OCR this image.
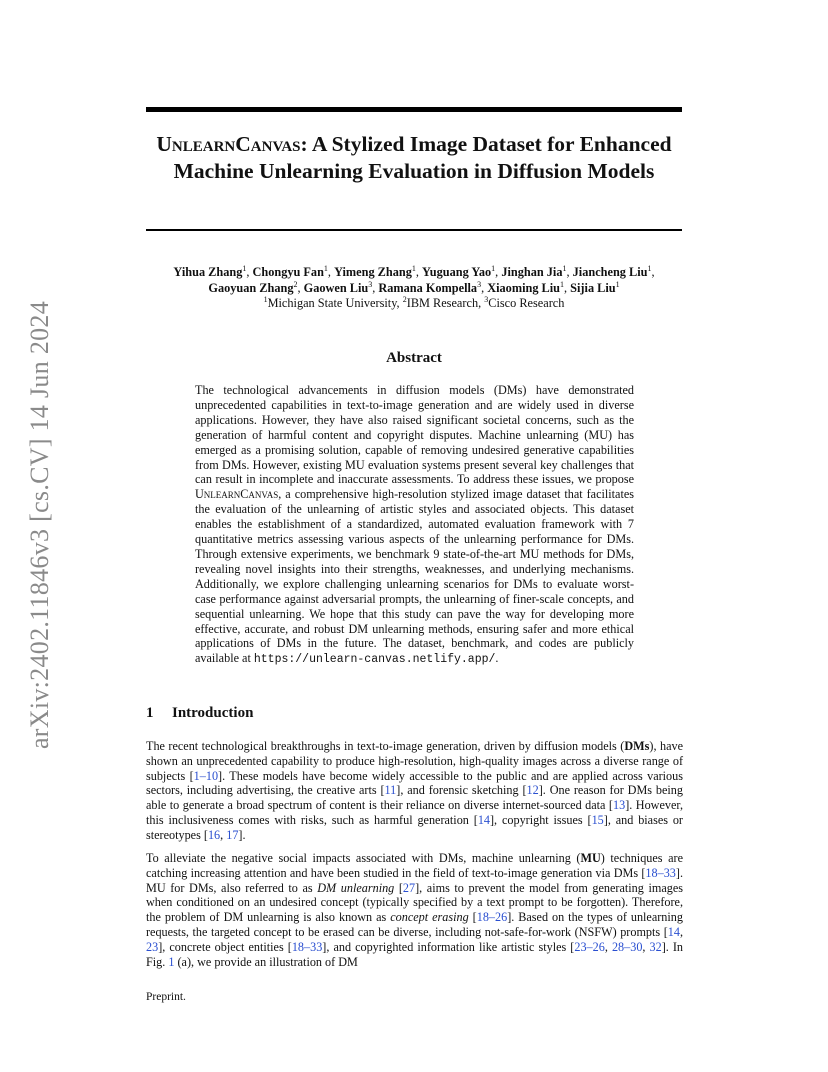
arXiv:2402.11846v3 [cs.CV] 14 Jun 2024
UnlearnCanvas: A Stylized Image Dataset for Enhanced Machine Unlearning Evaluation in Diffusion Models
Yihua Zhang$^1$, Chongyu Fan$^1$, Yimeng Zhang$^1$, Yuguang Yao$^1$, Jinghan Jia$^1$, Jiancheng Liu$^1$,
Gaoyuan Zhang$^2$, Gaowen Liu$^3$, Ramana Kompella$^3$, Xiaoming Liu$^1$, Sijia Liu$^1$
$^1$Michigan State University, $^2$IBM Research, $^3$Cisco Research
Abstract
The technological advancements in diffusion models (DMs) have demonstrated unprecedented capabilities in text-to-image generation and are widely used in diverse applications. However, they have also raised significant societal concerns, such as the generation of harmful content and copyright disputes. Machine unlearning (MU) has emerged as a promising solution, capable of removing undesired generative capabilities from DMs. However, existing MU evaluation systems present several key challenges that can result in incomplete and inaccurate assessments. To address these issues, we propose UnlearnCanvas, a comprehensive high-resolution stylized image dataset that facilitates the evaluation of the unlearning of artistic styles and associated objects. This dataset enables the establishment of a standardized, automated evaluation framework with 7 quantitative metrics assessing various aspects of the unlearning performance for DMs. Through extensive experiments, we benchmark 9 state-of-the-art MU methods for DMs, revealing novel insights into their strengths, weaknesses, and underlying mechanisms. Additionally, we explore challenging unlearning scenarios for DMs to evaluate worst-case performance against adversarial prompts, the unlearning of finer-scale concepts, and sequential unlearning. We hope that this study can pave the way for developing more effective, accurate, and robust DM unlearning methods, ensuring safer and more ethical applications of DMs in the future. The dataset, benchmark, and codes are publicly available at https://unlearn-canvas.netlify.app/.
1 Introduction
The recent technological breakthroughs in text-to-image generation, driven by diffusion models (DMs), have shown an unprecedented capability to produce high-resolution, high-quality images across a diverse range of subjects [1–10]. These models have become widely accessible to the public and are applied across various sectors, including advertising, the creative arts [11], and forensic sketching [12]. One reason for DMs being able to generate a broad spectrum of content is their reliance on diverse internet-sourced data [13]. However, this inclusiveness comes with risks, such as harmful generation [14], copyright issues [15], and biases or stereotypes [16, 17].
To alleviate the negative social impacts associated with DMs, machine unlearning (MU) techniques are catching increasing attention and have been studied in the field of text-to-image generation via DMs [18–33]. MU for DMs, also referred to as DM unlearning [27], aims to prevent the model from generating images when conditioned on an undesired concept (typically specified by a text prompt to be forgotten). Therefore, the problem of DM unlearning is also known as concept erasing [18–26]. Based on the types of unlearning requests, the targeted concept to be erased can be diverse, including not-safe-for-work (NSFW) prompts [14, 23], concrete object entities [18–33], and copyrighted information like artistic styles [23–26, 28–30, 32]. In Fig. 1 (a), we provide an illustration of DM
Preprint.
